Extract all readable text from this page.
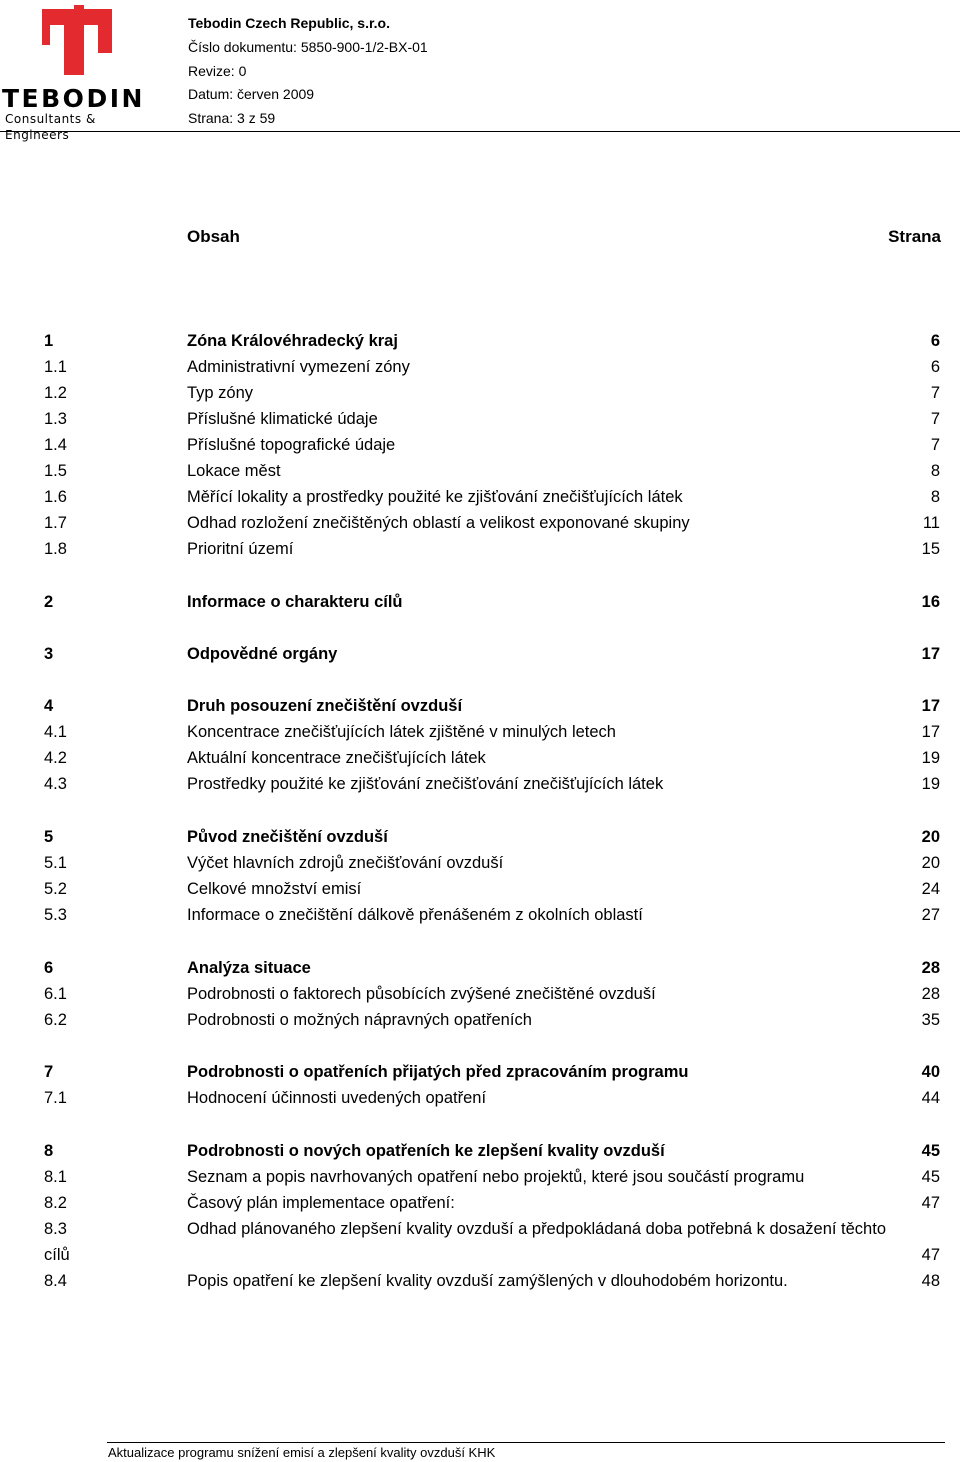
TEBODIN
Consultants & Engineers
Tebodin Czech Republic, s.r.o.
Číslo dokumentu: 5850-900-1/2-BX-01
Revize: 0
Datum: červen 2009
Strana: 3 z 59
Obsah	Strana
1	Zóna Královéhradecký kraj	6
1.1	Administrativní vymezení zóny	6
1.2	Typ zóny	7
1.3	Příslušné klimatické údaje	7
1.4	Příslušné topografické údaje	7
1.5	Lokace měst	8
1.6	Měřící lokality a prostředky použité ke zjišťování znečišťujících látek	8
1.7	Odhad rozložení znečištěných oblastí a velikost exponované skupiny	11
1.8	Prioritní území	15
2	Informace o charakteru cílů	16
3	Odpovědné orgány	17
4	Druh posouzení znečištění ovzduší	17
4.1	Koncentrace znečišťujících látek zjištěné v minulých letech	17
4.2	Aktuální koncentrace znečišťujících látek	19
4.3	Prostředky použité ke zjišťování znečišťování znečišťujících látek	19
5	Původ znečištění ovzduší	20
5.1	Výčet hlavních zdrojů znečišťování ovzduší	20
5.2	Celkové množství emisí	24
5.3	Informace o znečištění dálkově přenášeném z okolních oblastí	27
6	Analýza situace	28
6.1	Podrobnosti o faktorech působících zvýšené znečištěné ovzduší	28
6.2	Podrobnosti o možných nápravných opatřeních	35
7	Podrobnosti o opatřeních přijatých před zpracováním programu	40
7.1	Hodnocení účinnosti uvedených opatření	44
8	Podrobnosti o nových opatřeních ke zlepšení kvality ovzduší	45
8.1	Seznam a popis navrhovaných opatření nebo projektů, které jsou součástí programu	45
8.2	Časový plán implementace opatření:	47
8.3	Odhad plánovaného zlepšení kvality ovzduší a předpokládaná doba potřebná k dosažení těchto
cílů	47
8.4	Popis opatření ke zlepšení kvality ovzduší zamýšlených v dlouhodobém horizontu.	48
Aktualizace programu snížení emisí a zlepšení kvality ovzduší KHK
